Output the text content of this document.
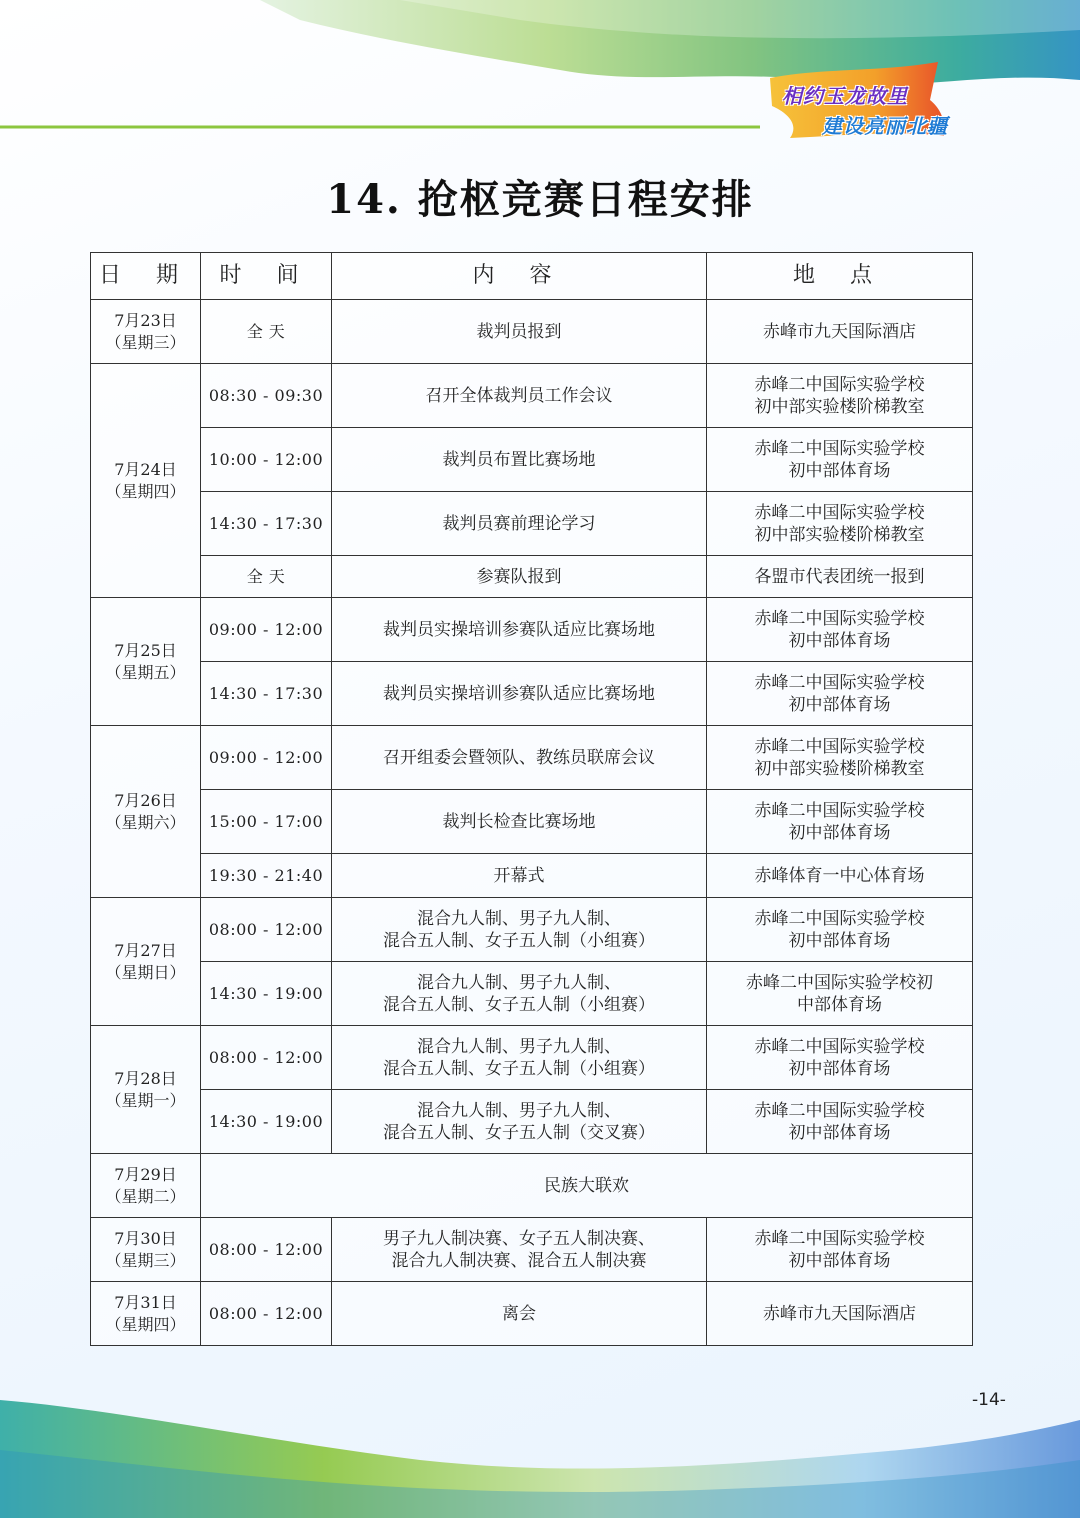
相约玉龙故里
建设亮丽北疆
14. 抢枢竞赛日程安排
日 期	时 间	内 容	地 点

7月23日
（星期三）	全 天	裁判员报到	赤峰市九天国际酒店

7月24日
（星期四）	08:30 - 09:30	召开全体裁判员工作会议	赤峰二中国际实验学校
初中部实验楼阶梯教室
	10:00 - 12:00	裁判员布置比赛场地	赤峰二中国际实验学校
初中部体育场
	14:30 - 17:30	裁判员赛前理论学习	赤峰二中国际实验学校
初中部实验楼阶梯教室
	全 天	参赛队报到	各盟市代表团统一报到

7月25日
（星期五）	09:00 - 12:00	裁判员实操培训参赛队适应比赛场地	赤峰二中国际实验学校
初中部体育场
	14:30 - 17:30	裁判员实操培训参赛队适应比赛场地	赤峰二中国际实验学校
初中部体育场

7月26日
（星期六）	09:00 - 12:00	召开组委会暨领队、教练员联席会议	赤峰二中国际实验学校
初中部实验楼阶梯教室
	15:00 - 17:00	裁判长检查比赛场地	赤峰二中国际实验学校
初中部体育场
	19:30 - 21:40	开幕式	赤峰体育一中心体育场

7月27日
（星期日）	08:00 - 12:00	混合九人制、男子九人制、
混合五人制、女子五人制（小组赛）	赤峰二中国际实验学校
初中部体育场
	14:30 - 19:00	混合九人制、男子九人制、
混合五人制、女子五人制（小组赛）	赤峰二中国际实验学校初
中部体育场

7月28日
（星期一）	08:00 - 12:00	混合九人制、男子九人制、
混合五人制、女子五人制（小组赛）	赤峰二中国际实验学校
初中部体育场
	14:30 - 19:00	混合九人制、男子九人制、
混合五人制、女子五人制（交叉赛）	赤峰二中国际实验学校
初中部体育场

7月29日
（星期二）	民族大联欢		

7月30日
（星期三）	08:00 - 12:00	男子九人制决赛、女子五人制决赛、
混合九人制决赛、混合五人制决赛	赤峰二中国际实验学校
初中部体育场

7月31日
（星期四）	08:00 - 12:00	离会	赤峰市九天国际酒店
-14-
